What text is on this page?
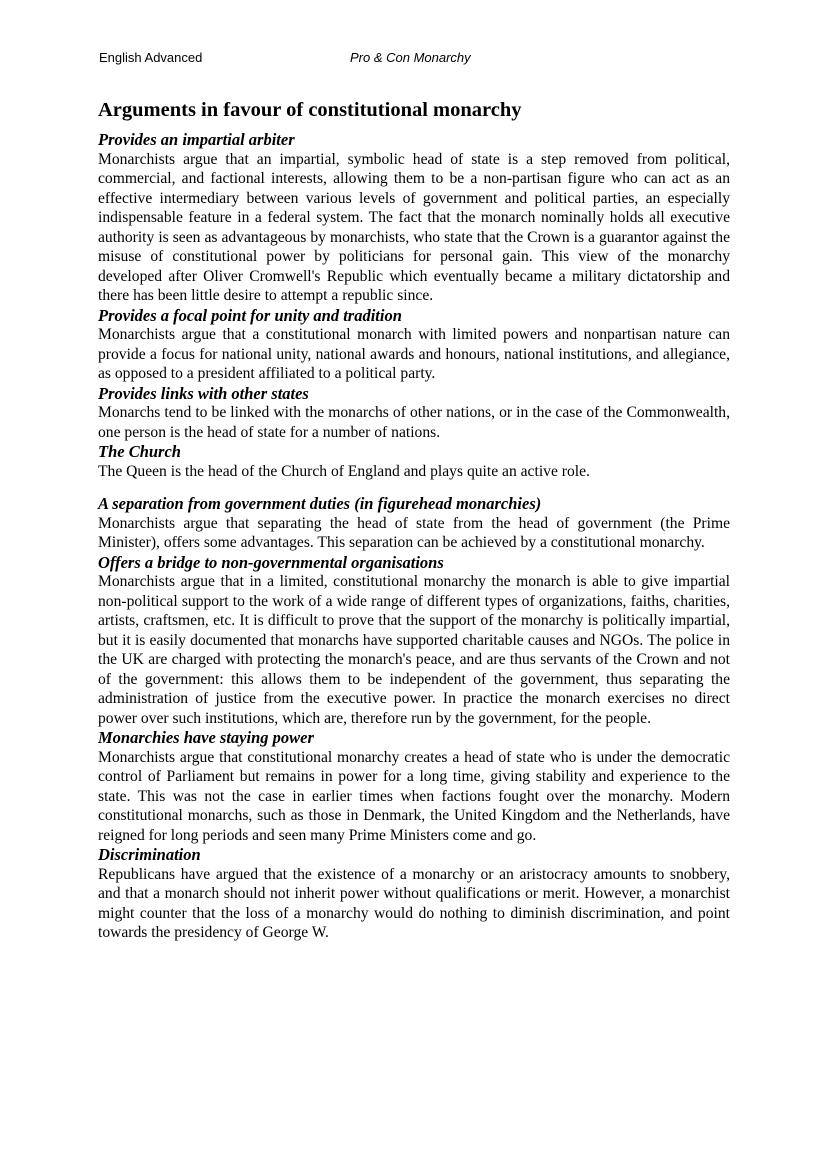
English Advanced	Pro & Con Monarchy
Arguments in favour of constitutional monarchy

Provides an impartial arbiter

Monarchists argue that an impartial, symbolic head of state is a step removed from political, commercial, and factional interests, allowing them to be a non-partisan figure who can act as an effective intermediary between various levels of government and political parties, an especially indispensable feature in a federal system. The fact that the monarch nominally holds all executive authority is seen as advantageous by monarchists, who state that the Crown is a guarantor against the misuse of constitutional power by politicians for personal gain. This view of the monarchy developed after Oliver Cromwell's Republic which eventually became a military dictatorship and there has been little desire to attempt a republic since.

Provides a focal point for unity and tradition

Monarchists argue that a constitutional monarch with limited powers and nonpartisan nature can provide a focus for national unity, national awards and honours, national institutions, and allegiance, as opposed to a president affiliated to a political party.

Provides links with other states

Monarchs tend to be linked with the monarchs of other nations, or in the case of the Commonwealth, one person is the head of state for a number of nations.

The Church

The Queen is the head of the Church of England and plays quite an active role.

A separation from government duties (in figurehead monarchies)

Monarchists argue that separating the head of state from the head of government (the Prime Minister), offers some advantages. This separation can be achieved by a constitutional monarchy.

Offers a bridge to non-governmental organisations

Monarchists argue that in a limited, constitutional monarchy the monarch is able to give impartial non-political support to the work of a wide range of different types of organizations, faiths, charities, artists, craftsmen, etc. It is difficult to prove that the support of the monarchy is politically impartial, but it is easily documented that monarchs have supported charitable causes and NGOs. The police in the UK are charged with protecting the monarch's peace, and are thus servants of the Crown and not of the government: this allows them to be independent of the government, thus separating the administration of justice from the executive power. In practice the monarch exercises no direct power over such institutions, which are, therefore run by the government, for the people.

Monarchies have staying power

Monarchists argue that constitutional monarchy creates a head of state who is under the democratic control of Parliament but remains in power for a long time, giving stability and experience to the state. This was not the case in earlier times when factions fought over the monarchy. Modern constitutional monarchs, such as those in Denmark, the United Kingdom and the Netherlands, have reigned for long periods and seen many Prime Ministers come and go.

Discrimination

Republicans have argued that the existence of a monarchy or an aristocracy amounts to snobbery, and that a monarch should not inherit power without qualifications or merit. However, a monarchist might counter that the loss of a monarchy would do nothing to diminish discrimination, and point towards the presidency of George W.
